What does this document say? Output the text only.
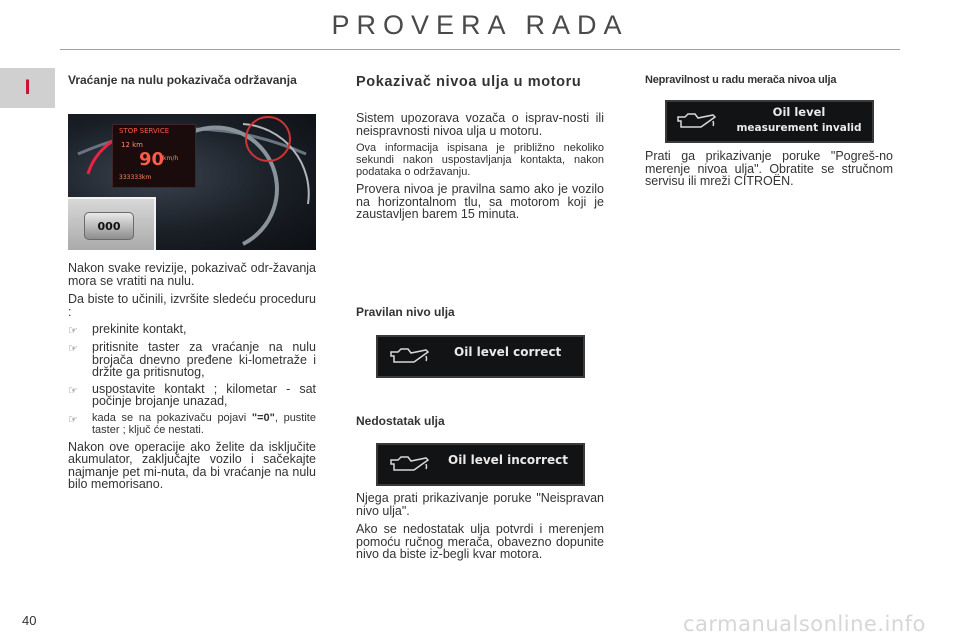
PROVERA RADA
I	Vraćanje na nulu pokazivača održavanja
STOP SERVICE
12 km
90
km/h
333333km
000

Nakon svake revizije, pokazivač odr-žavanja mora se vratiti na nulu.

Da biste to učinili, izvršite sledeću proceduru :

☞	prekinite kontakt,

☞	pritisnite taster za vraćanje na nulu brojača dnevno pređene ki-lometraže i držite ga pritisnutog,

☞	uspostavite kontakt ; kilometar - sat počinje brojanje unazad,

☞	kada se na pokazivaču pojavi "=0", pustite taster ; ključ će nestati.

Nakon ove operacije ako želite da isključite akumulator, zaključajte vozilo i sačekajte najmanje pet mi-nuta, da bi vraćanje na nulu bilo memorisano.

Pokazivač nivoa ulja u motoru

Sistem upozorava vozača o isprav-nosti ili neispravnosti nivoa ulja u motoru.

Ova informacija ispisana je približno nekoliko sekundi nakon uspostavljanja kontakta, nakon podataka o održavanju.

Provera nivoa je pravilna samo ako je vozilo na horizontalnom tlu, sa motorom koji je zaustavljen barem 15 minuta.

Pravilan nivo ulja
Oil level correct
Nedostatak ulja
Oil level incorrect

Njega prati prikazivanje poruke "Neispravan nivo ulja".

Ako se nedostatak ulja potvrdi i merenjem pomoću ručnog merača, obavezno dopunite nivo da biste iz-begli kvar motora.

Nepravilnost u radu merača nivoa ulja
Oil level
measurement invalid

Prati ga prikazivanje poruke "Pogreš-no merenje nivoa ulja". Obratite se stručnom servisu ili mreži CITROËN.

40	carmanualsonline.info
